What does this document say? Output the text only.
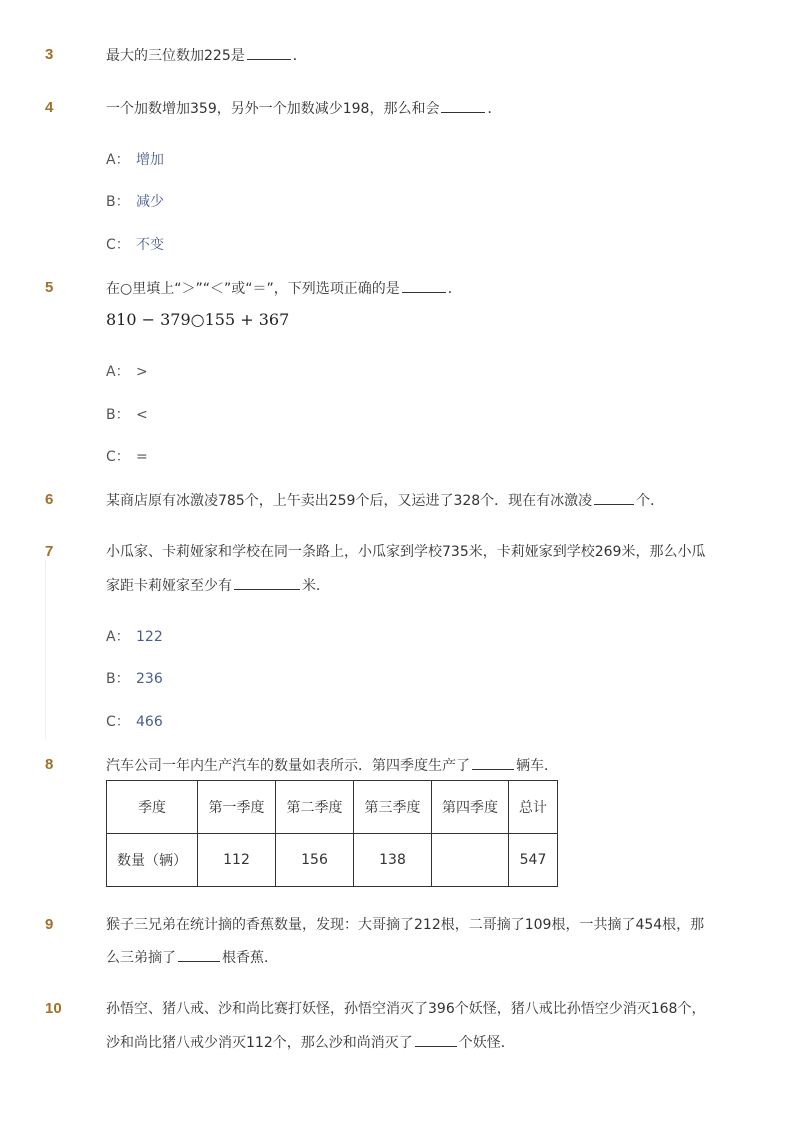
3	最大的三位数加225是	．
4	一个加数增加359，另外一个加数减少198，那么和会	．
A： 增加
B： 减少
C： 不变
5	在○里填上“＞”“＜”或“＝”，下列选项正确的是	．
810 − 379○155 + 367
A： >
B： <
C： =
6	某商店原有冰激凌785个，上午卖出259个后，又运进了328个．现在有冰激凌	个．
7	小瓜家、卡莉娅家和学校在同一条路上，小瓜家到学校735米，卡莉娅家到学校269米，那么小瓜
家距卡莉娅家至少有	米．
A： 122
B： 236
C： 466
8	汽车公司一年内生产汽车的数量如表所示．第四季度生产了	辆车．
季度	第一季度	第二季度	第三季度	第四季度	总计
数量（辆）	112	156	138		547
9	猴子三兄弟在统计摘的香蕉数量，发现：大哥摘了212根，二哥摘了109根，一共摘了454根，那
么三弟摘了	根香蕉．
10	孙悟空、猪八戒、沙和尚比赛打妖怪，孙悟空消灭了396个妖怪，猪八戒比孙悟空少消灭168个，
沙和尚比猪八戒少消灭112个，那么沙和尚消灭了	个妖怪．
